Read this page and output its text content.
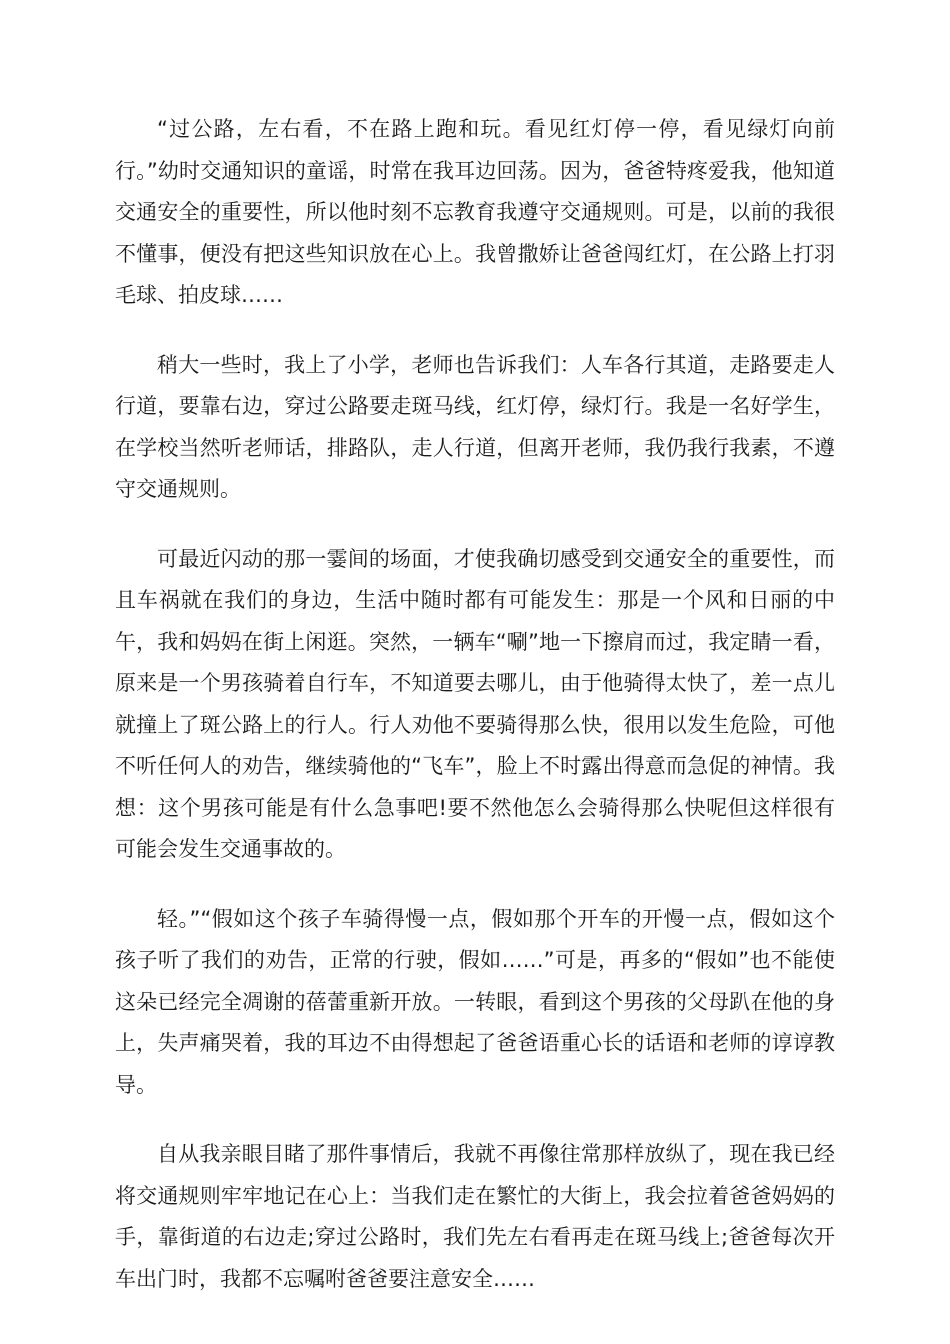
“过公路，左右看，不在路上跑和玩。看见红灯停一停，看见绿灯向前行。”幼时交通知识的童谣，时常在我耳边回荡。因为，爸爸特疼爱我，他知道交通安全的重要性，所以他时刻不忘教育我遵守交通规则。可是，以前的我很不懂事，便没有把这些知识放在心上。我曾撒娇让爸爸闯红灯，在公路上打羽毛球、拍皮球……

稍大一些时，我上了小学，老师也告诉我们：人车各行其道，走路要走人行道，要靠右边，穿过公路要走斑马线，红灯停，绿灯行。我是一名好学生，在学校当然听老师话，排路队，走人行道，但离开老师，我仍我行我素，不遵守交通规则。

可最近闪动的那一霎间的场面，才使我确切感受到交通安全的重要性，而且车祸就在我们的身边，生活中随时都有可能发生：那是一个风和日丽的中午，我和妈妈在街上闲逛。突然，一辆车“唰”地一下擦肩而过，我定睛一看，原来是一个男孩骑着自行车，不知道要去哪儿，由于他骑得太快了，差一点儿就撞上了斑公路上的行人。行人劝他不要骑得那么快，很用以发生危险，可他不听任何人的劝告，继续骑他的“飞车”，脸上不时露出得意而急促的神情。我想：这个男孩可能是有什么急事吧!要不然他怎么会骑得那么快呢但这样很有可能会发生交通事故的。

轻。”“假如这个孩子车骑得慢一点，假如那个开车的开慢一点，假如这个孩子听了我们的劝告，正常的行驶，假如……”可是，再多的“假如”也不能使这朵已经完全凋谢的蓓蕾重新开放。一转眼，看到这个男孩的父母趴在他的身上，失声痛哭着，我的耳边不由得想起了爸爸语重心长的话语和老师的谆谆教导。

自从我亲眼目睹了那件事情后，我就不再像往常那样放纵了，现在我已经将交通规则牢牢地记在心上：当我们走在繁忙的大街上，我会拉着爸爸妈妈的手，靠街道的右边走;穿过公路时，我们先左右看再走在斑马线上;爸爸每次开车出门时，我都不忘嘱咐爸爸要注意安全……
